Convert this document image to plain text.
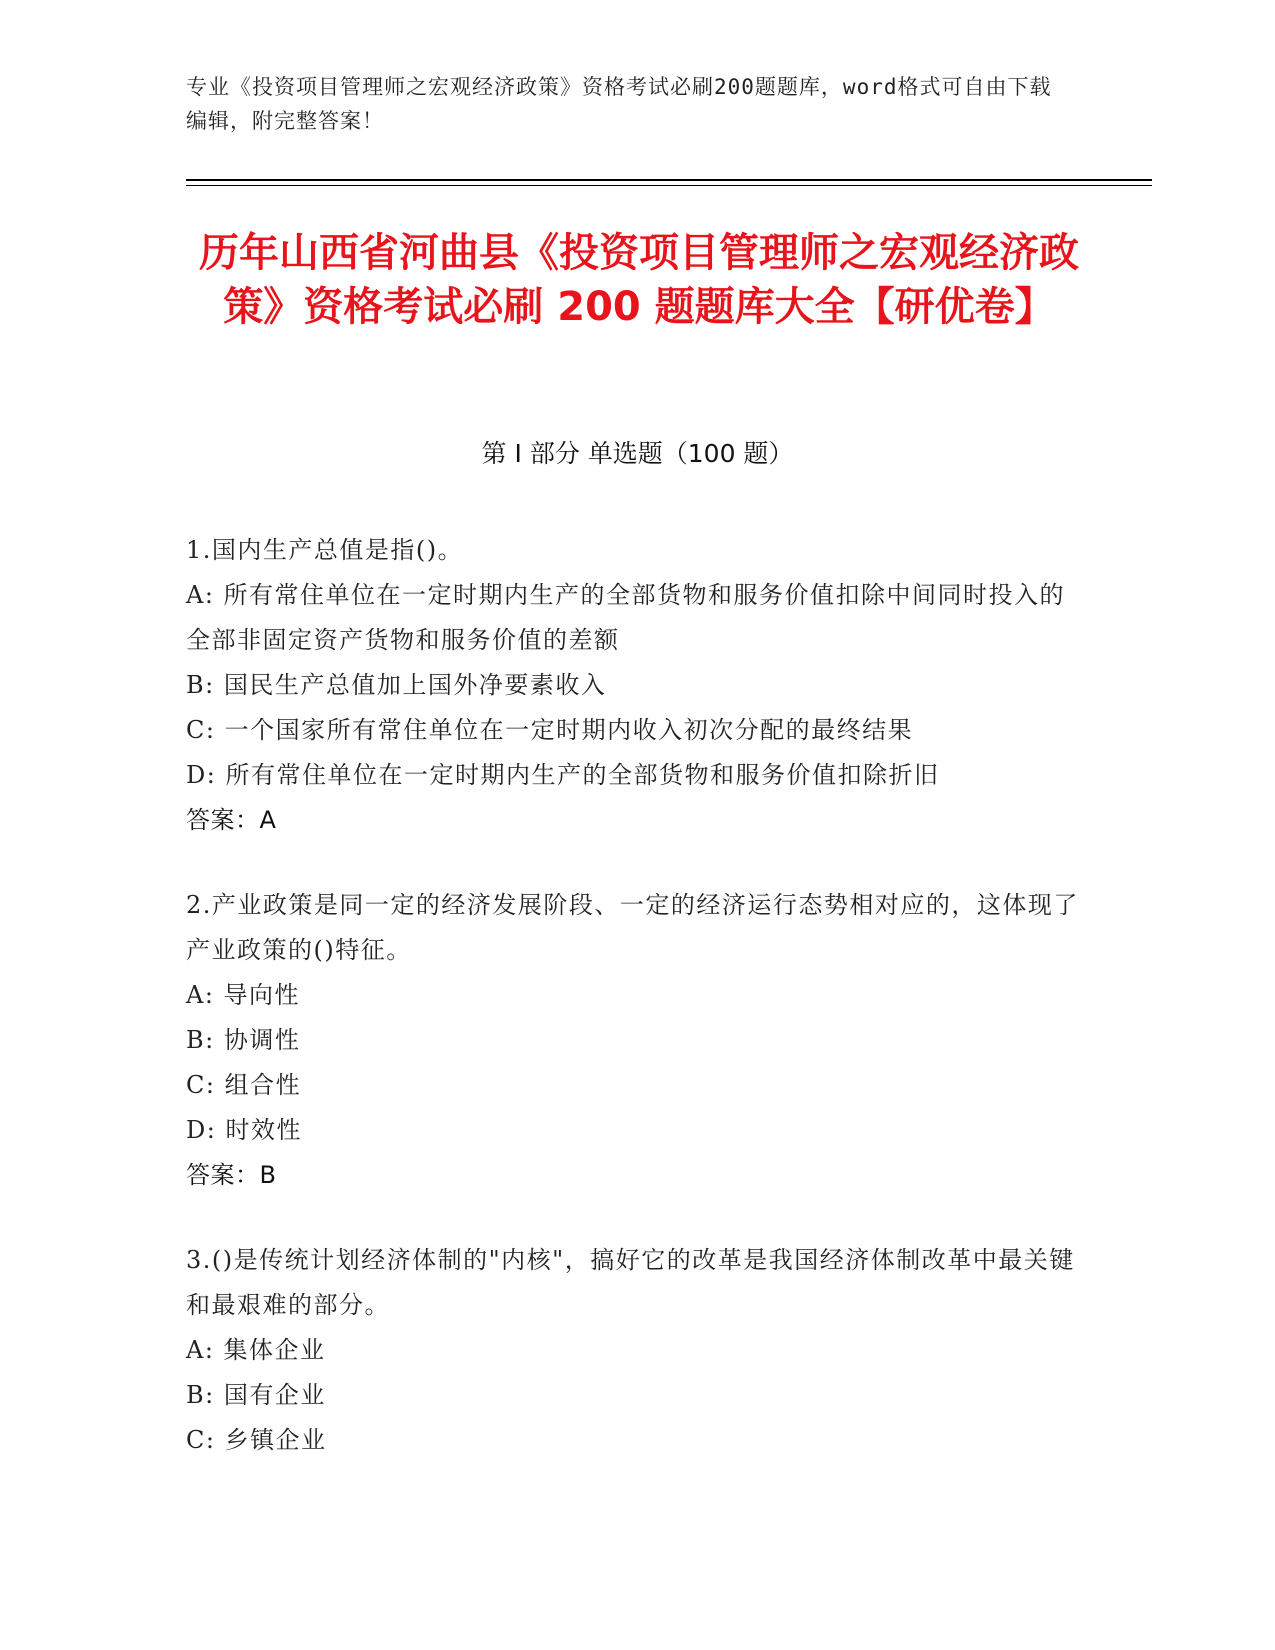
专业《投资项目管理师之宏观经济政策》资格考试必刷200题题库，word格式可自由下载编辑，附完整答案！
历年山西省河曲县《投资项目管理师之宏观经济政策》资格考试必刷 200 题题库大全【研优卷】
第 I 部分 单选题（100 题）

1.国内生产总值是指()。

A: 所有常住单位在一定时期内生产的全部货物和服务价值扣除中间同时投入的全部非固定资产货物和服务价值的差额

B: 国民生产总值加上国外净要素收入

C: 一个国家所有常住单位在一定时期内收入初次分配的最终结果

D: 所有常住单位在一定时期内生产的全部货物和服务价值扣除折旧

答案：A

2.产业政策是同一定的经济发展阶段、一定的经济运行态势相对应的，这体现了产业政策的()特征。

A: 导向性

B: 协调性

C: 组合性

D: 时效性

答案：B

3.()是传统计划经济体制的"内核"，搞好它的改革是我国经济体制改革中最关键和最艰难的部分。

A: 集体企业

B: 国有企业

C: 乡镇企业
